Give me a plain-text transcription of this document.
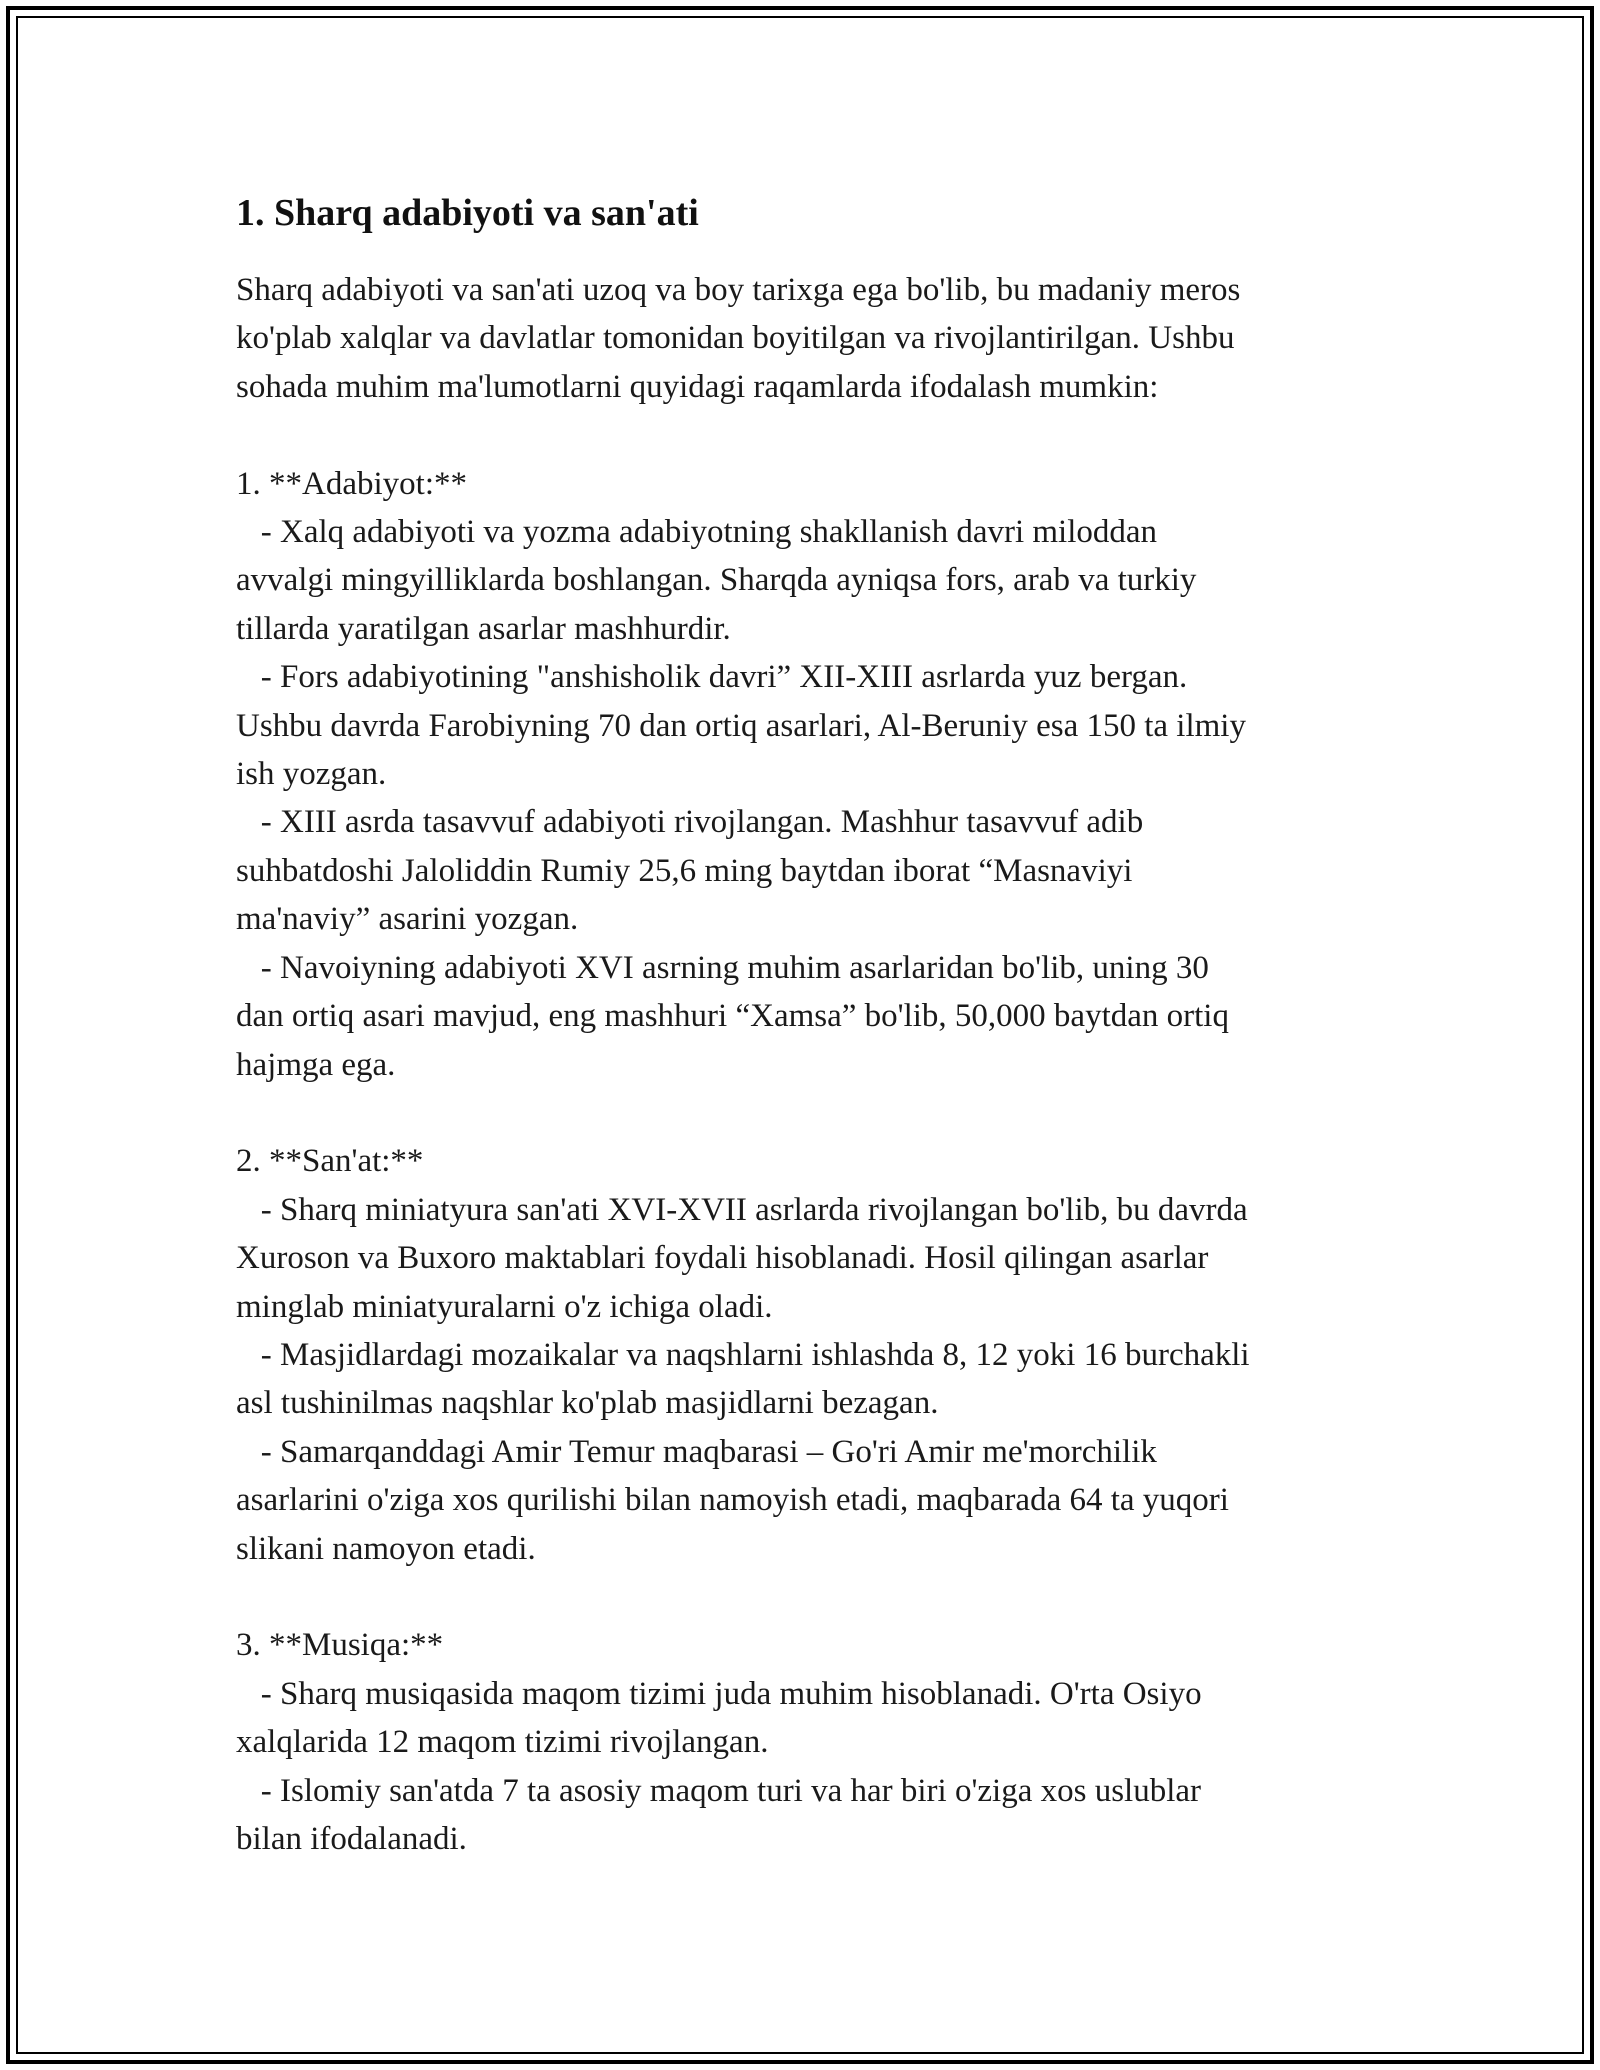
1. Sharq adabiyoti va san'ati

Sharq adabiyoti va san'ati uzoq va boy tarixga ega bo'lib, bu madaniy meros
ko'plab xalqlar va davlatlar tomonidan boyitilgan va rivojlantirilgan. Ushbu
sohada muhim ma'lumotlarni quyidagi raqamlarda ifodalash mumkin:

1. **Adabiyot:**
- Xalq adabiyoti va yozma adabiyotning shakllanish davri miloddan
avvalgi mingyilliklarda boshlangan. Sharqda ayniqsa fors, arab va turkiy
tillarda yaratilgan asarlar mashhurdir.
- Fors adabiyotining "anshisholik davri” XII-XIII asrlarda yuz bergan.
Ushbu davrda Farobiyning 70 dan ortiq asarlari, Al-Beruniy esa 150 ta ilmiy
ish yozgan.
- XIII asrda tasavvuf adabiyoti rivojlangan. Mashhur tasavvuf adib
suhbatdoshi Jaloliddin Rumiy 25,6 ming baytdan iborat “Masnaviyi
ma'naviy” asarini yozgan.
- Navoiyning adabiyoti XVI asrning muhim asarlaridan bo'lib, uning 30
dan ortiq asari mavjud, eng mashhuri “Xamsa” bo'lib, 50,000 baytdan ortiq
hajmga ega.

2. **San'at:**
- Sharq miniatyura san'ati XVI-XVII asrlarda rivojlangan bo'lib, bu davrda
Xuroson va Buxoro maktablari foydali hisoblanadi. Hosil qilingan asarlar
minglab miniatyuralarni o'z ichiga oladi.
- Masjidlardagi mozaikalar va naqshlarni ishlashda 8, 12 yoki 16 burchakli
asl tushinilmas naqshlar ko'plab masjidlarni bezagan.
- Samarqanddagi Amir Temur maqbarasi – Go'ri Amir me'morchilik
asarlarini o'ziga xos qurilishi bilan namoyish etadi, maqbarada 64 ta yuqori
slikani namoyon etadi.

3. **Musiqa:**
- Sharq musiqasida maqom tizimi juda muhim hisoblanadi. O'rta Osiyo
xalqlarida 12 maqom tizimi rivojlangan.
- Islomiy san'atda 7 ta asosiy maqom turi va har biri o'ziga xos uslublar
bilan ifodalanadi.
